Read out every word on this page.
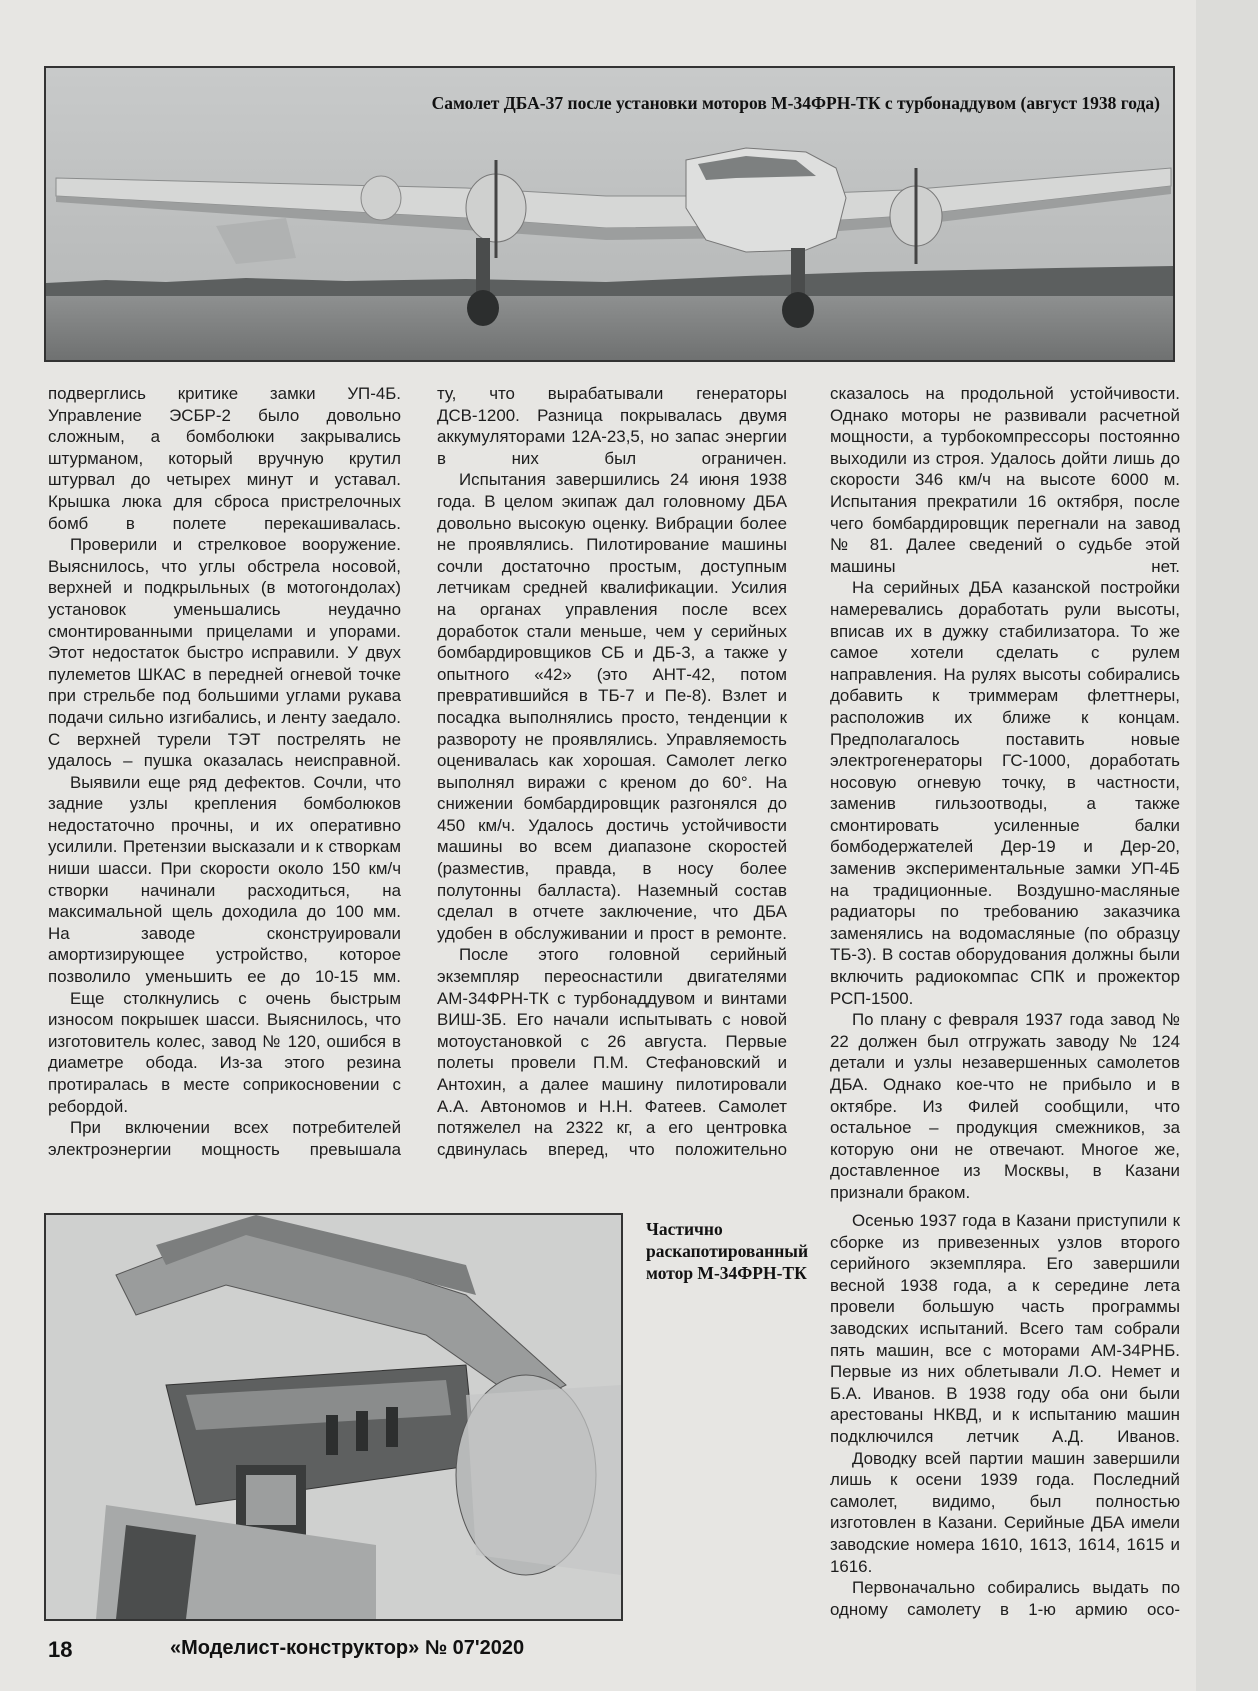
Самолет ДБА-37 после установки моторов М-34ФРН-ТК с турбонаддувом (август 1938 года)

подверглись критике замки УП-4Б. Управление ЭСБР-2 было довольно сложным, а бомболюки закрывались штурманом, который вручную крутил штурвал до четырех минут и уставал. Крышка люка для сброса пристрелочных бомб в полете перекашивалась.

Проверили и стрелковое вооружение. Выяснилось, что углы обстрела носовой, верхней и подкрыльных (в мотогондолах) установок уменьшались неудачно смонтированными прицелами и упорами. Этот недостаток быстро исправили. У двух пулеметов ШКАС в передней огневой точке при стрельбе под большими углами рукава подачи сильно изгибались, и ленту заедало. С верхней турели ТЭТ пострелять не удалось – пушка оказалась неисправной.

Выявили еще ряд дефектов. Сочли, что задние узлы крепления бомболюков недостаточно прочны, и их оперативно усилили. Претензии высказали и к створкам ниши шасси. При скорости около 150 км/ч створки начинали расходиться, на максимальной щель доходила до 100 мм. На заводе сконструировали амортизирующее устройство, которое позволило уменьшить ее до 10-15 мм.

Еще столкнулись с очень быстрым износом покрышек шасси. Выяснилось, что изготовитель колес, завод № 120, ошибся в диаметре обода. Из-за этого резина протиралась в месте соприкосновении с ребордой.

При включении всех потребителей электроэнергии мощность превышала

ту, что вырабатывали генераторы ДСВ-1200. Разница покрывалась двумя аккумуляторами 12А-23,5, но запас энергии в них был ограничен.

Испытания завершились 24 июня 1938 года. В целом экипаж дал головному ДБА довольно высокую оценку. Вибрации более не проявлялись. Пилотирование машины сочли достаточно простым, доступным летчикам средней квалификации. Усилия на органах управления после всех доработок стали меньше, чем у серийных бомбардировщиков СБ и ДБ-3, а также у опытного «42» (это АНТ-42, потом превратившийся в ТБ-7 и Пе-8). Взлет и посадка выполнялись просто, тенденции к развороту не проявлялись. Управляемость оценивалась как хорошая. Самолет легко выполнял виражи с креном до 60°. На снижении бомбардировщик разгонялся до 450 км/ч. Удалось достичь устойчивости машины во всем диапазоне скоростей (разместив, правда, в носу более полутонны балласта). Наземный состав сделал в отчете заключение, что ДБА удобен в обслуживании и прост в ремонте.

После этого головной серийный экземпляр переоснастили двигателями АМ-34ФРН-ТК с турбонаддувом и винтами ВИШ-3Б. Его начали испытывать с новой мотоустановкой с 26 августа. Первые полеты провели П.М. Стефановский и Антохин, а далее машину пилотировали А.А. Автономов и Н.Н. Фатеев. Самолет потяжелел на 2322 кг, а его центровка сдвинулась вперед, что положительно

сказалось на продольной устойчивости. Однако моторы не развивали расчетной мощности, а турбокомпрессоры постоянно выходили из строя. Удалось дойти лишь до скорости 346 км/ч на высоте 6000 м. Испытания прекратили 16 октября, после чего бомбардировщик перегнали на завод № 81. Далее сведений о судьбе этой машины нет.

На серийных ДБА казанской постройки намеревались доработать рули высоты, вписав их в дужку стабилизатора. То же самое хотели сделать с рулем направления. На рулях высоты собирались добавить к триммерам флеттнеры, расположив их ближе к концам. Предполагалось поставить новые электрогенераторы ГС-1000, доработать носовую огневую точку, в частности, заменив гильзоотводы, а также смонтировать усиленные балки бомбодержателей Дер-19 и Дер-20, заменив экспериментальные замки УП-4Б на традиционные. Воздушно-масляные радиаторы по требованию заказчика заменялись на водомасляные (по образцу ТБ-3). В состав оборудования должны были включить радиокомпас СПК и прожектор РСП-1500.

По плану с февраля 1937 года завод № 22 должен был отгружать заводу № 124 детали и узлы незавершенных самолетов ДБА. Однако кое-что не прибыло и в октябре. Из Филей сообщили, что остальное – продукция смежников, за которую они не отвечают. Многое же, доставленное из Москвы, в Казани признали браком.

Осенью 1937 года в Казани приступили к сборке из привезенных узлов второго серийного экземпляра. Его завершили весной 1938 года, а к середине лета провели большую часть программы заводских испытаний. Всего там собрали пять машин, все с моторами АМ-34РНБ. Первые из них облетывали Л.О. Немет и Б.А. Иванов. В 1938 году оба они были арестованы НКВД, и к испытанию машин подключился летчик А.Д. Иванов.

Доводку всей партии машин завершили лишь к осени 1939 года. Последний самолет, видимо, был полностью изготовлен в Казани. Серийные ДБА имели заводские номера 1610, 1613, 1614, 1615 и 1616.

Первоначально собирались выдать по одному самолету в 1-ю армию осо-

Частично раскапотированный мотор М-34ФРН-ТК
18	«Моделист-конструктор» № 07'2020
